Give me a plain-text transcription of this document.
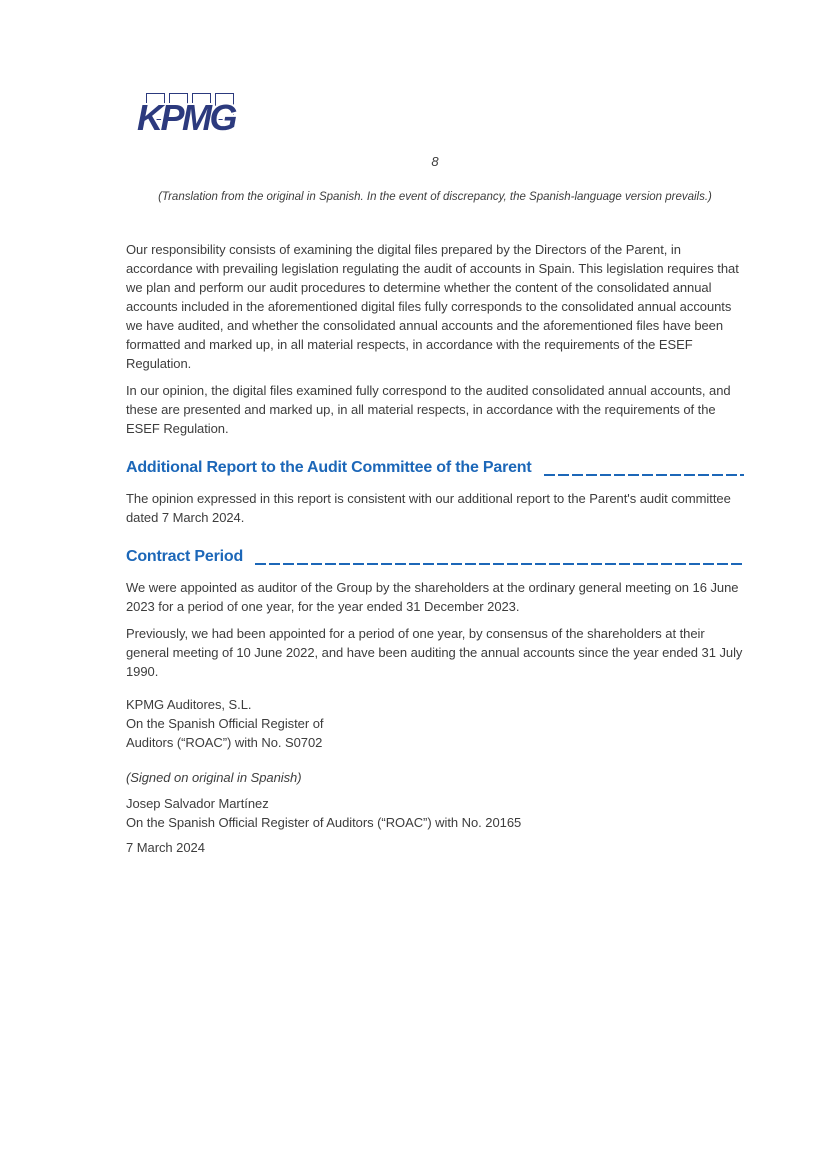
KPMG
8
(Translation from the original in Spanish. In the event of discrepancy, the Spanish-language version prevails.)

Our responsibility consists of examining the digital files prepared by the Directors of the Parent, in accordance with prevailing legislation regulating the audit of accounts in Spain. This legislation requires that we plan and perform our audit procedures to determine whether the content of the consolidated annual accounts included in the aforementioned digital files fully corresponds to the consolidated annual accounts we have audited, and whether the consolidated annual accounts and the aforementioned files have been formatted and marked up, in all material respects, in accordance with the requirements of the ESEF Regulation.

In our opinion, the digital files examined fully correspond to the audited consolidated annual accounts, and these are presented and marked up, in all material respects, in accordance with the requirements of the ESEF Regulation.

Additional Report to the Audit Committee of the Parent

The opinion expressed in this report is consistent with our additional report to the Parent's audit committee dated 7 March 2024.

Contract Period

We were appointed as auditor of the Group by the shareholders at the ordinary general meeting on 16 June 2023 for a period of one year, for the year ended 31 December 2023.

Previously, we had been appointed for a period of one year, by consensus of the shareholders at their general meeting of 10 June 2022, and have been auditing the annual accounts since the year ended 31 July 1990.

KPMG Auditores, S.L.
On the Spanish Official Register of
Auditors (“ROAC”) with No. S0702
(Signed on original in Spanish)
Josep Salvador Martínez
On the Spanish Official Register of Auditors (“ROAC”) with No. 20165
7 March 2024
